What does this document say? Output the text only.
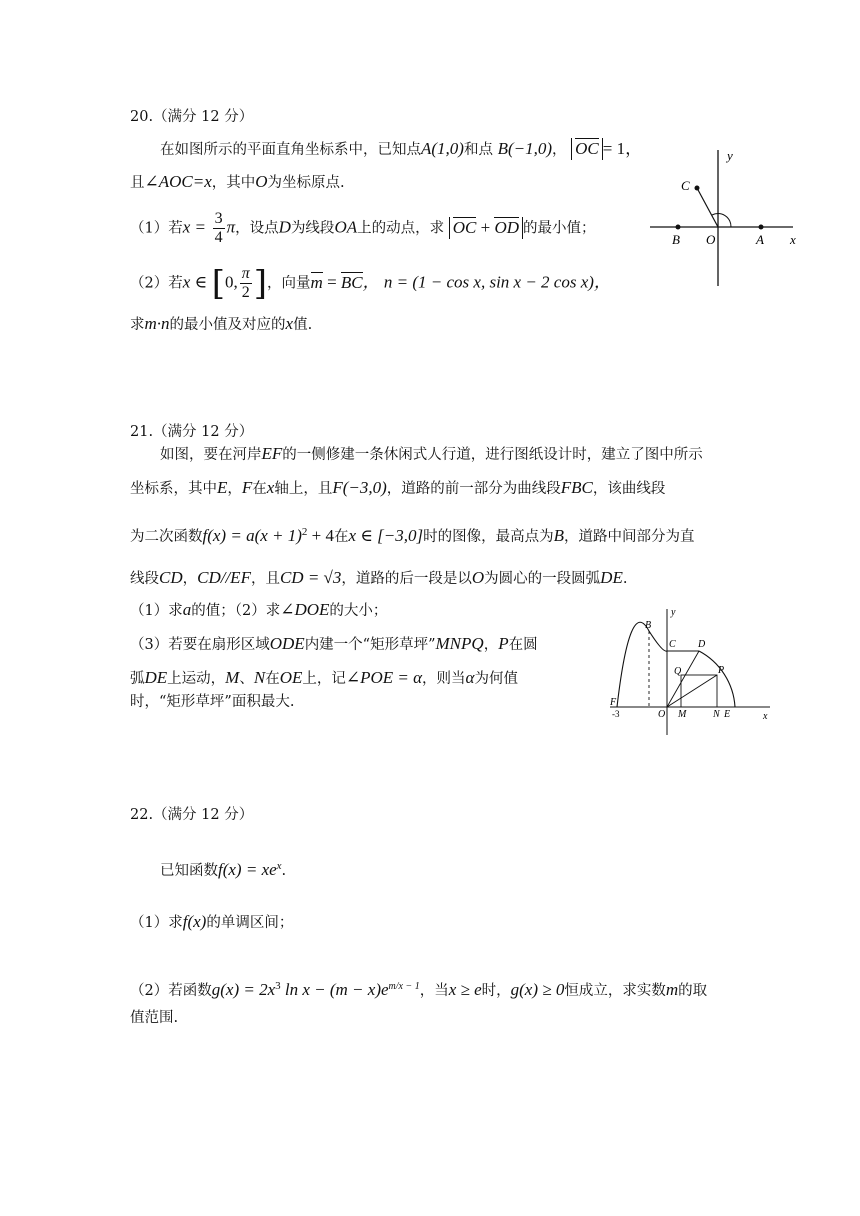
20.（满分 12 分）
在如图所示的平面直角坐标系中，已知点A(1,0)和点 B(−1,0)， OC = 1，
且∠AOC=x，其中O为坐标原点.
（1）若$x = \frac{3}{4}$ π，设点D为线段OA上的动点，求 OC + OD 的最小值；
（2）若x ∈ [0, $\frac{\pi}{2}$ ]，向量m = BC， n = (1 − cos x, sin x − 2 cos x)，
求m·n的最小值及对应的x值.
y
C
B O	A x
21.（满分 12 分）
如图，要在河岸EF的一侧修建一条休闲式人行道，进行图纸设计时，建立了图中所示
坐标系，其中E，F在x轴上，且F(−3,0)，道路的前一部分为曲线段FBC，该曲线段
为二次函数$f(x) = a(x + 1)^2 + 4$在x ∈ [−3,0]时的图像，最高点为B，道路中间部分为直
线段CD，CD//EF，且CD = √3，道路的后一段是以O为圆心的一段圆弧DE.
（1）求a的值；（2）求∠DOE的大小；
（3）若要在扇形区域ODE内建一个“矩形草坪”MNPQ，P在圆
弧DE上运动，M、N在OE上，记∠POE = α，则当α为何值
时，“矩形草坪”面积最大.
y
B
C D
Q	P
F
-3	O M	N E	x
22.（满分 12 分）
已知函数$f(x) = xe^x$.
（1）求f(x)的单调区间；
（2）若函数$g(x) = 2x^3$ $\ln x - (m - x)e^{m/x - 1}$，当x ≥ e时，g(x) ≥ 0恒成立，求实数m的取
值范围.
